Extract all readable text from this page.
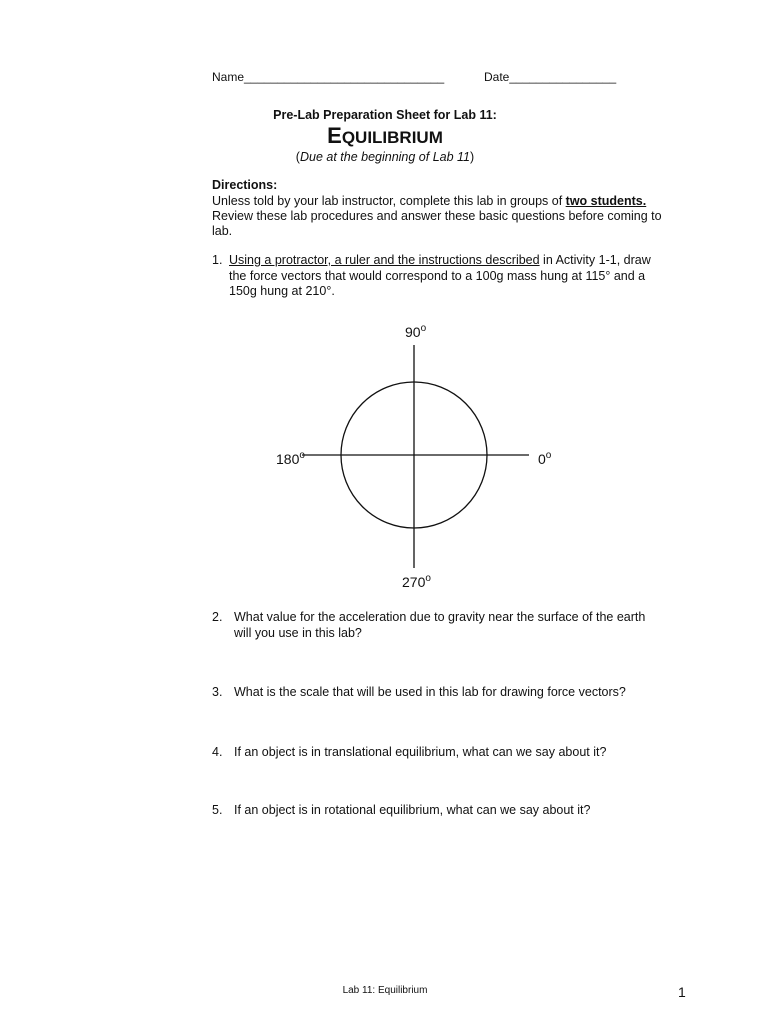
Name______________________________	Date________________
Pre-Lab Preparation Sheet for Lab 11:
EQUILIBRIUM
(Due at the beginning of Lab 11)
Directions:
Unless told by your lab instructor, complete this lab in groups of two students. Review these lab procedures and answer these basic questions before coming to lab.
1. Using a protractor, a ruler and the instructions described in Activity 1-1, draw the force vectors that would correspond to a 100g mass hung at 115° and a 150g hung at 210°.
90$^o$
180$^o$	0$^o$
270$^o$
2. What value for the acceleration due to gravity near the surface of the earth will you use in this lab?
3. What is the scale that will be used in this lab for drawing force vectors?
4. If an object is in translational equilibrium, what can we say about it?
5. If an object is in rotational equilibrium, what can we say about it?
Lab 11: Equilibrium	1
